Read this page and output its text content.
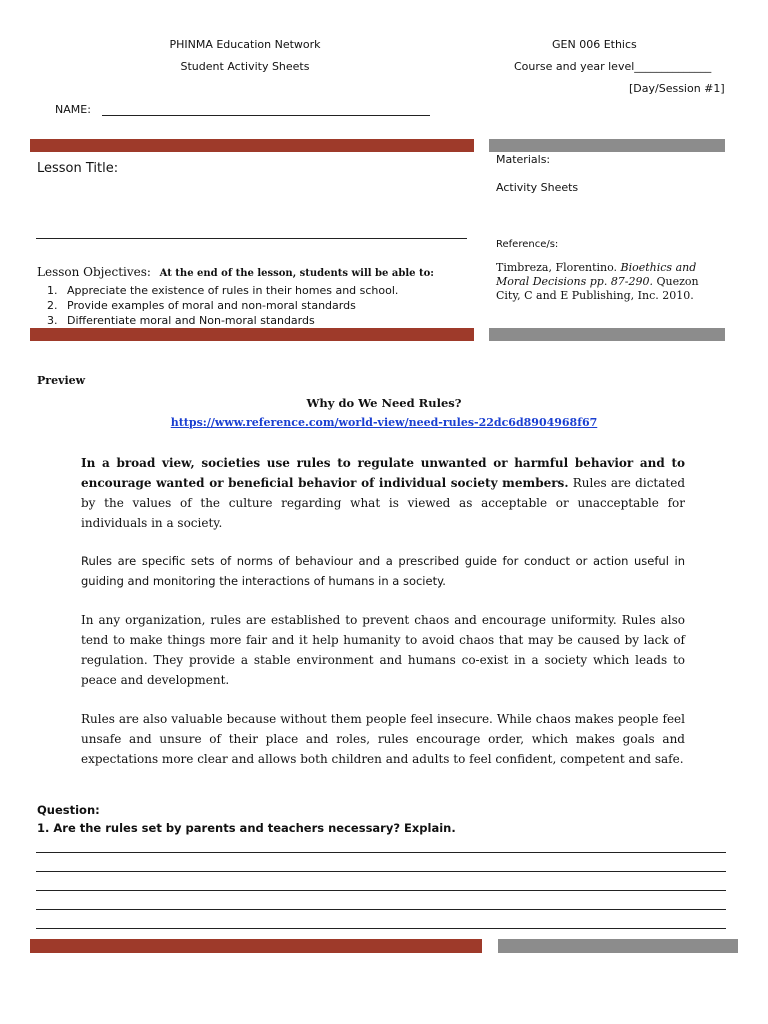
PHINMA Education Network
Student Activity Sheets
GEN 006 Ethics
Course and year level______________
[Day/Session #1]
NAME:
Lesson Title:
Lesson Objectives: At the end of the lesson, students will be able to:
1. Appreciate the existence of rules in their homes and school.
2. Provide examples of moral and non-moral standards
3. Differentiate moral and Non-moral standards
Materials:
Activity Sheets
Reference/s:
Timbreza, Florentino. Bioethics and Moral Decisions pp. 87-290. Quezon City, C and E Publishing, Inc. 2010.
Preview
Why do We Need Rules?
https://www.reference.com/world-view/need-rules-22dc6d8904968f67
In a broad view, societies use rules to regulate unwanted or harmful behavior and to encourage wanted or beneficial behavior of individual society members. Rules are dictated by the values of the culture regarding what is viewed as acceptable or unacceptable for individuals in a society.
Rules are specific sets of norms of behaviour and a prescribed guide for conduct or action useful in guiding and monitoring the interactions of humans in a society.
In any organization, rules are established to prevent chaos and encourage uniformity. Rules also tend to make things more fair and it help humanity to avoid chaos that may be caused by lack of regulation. They provide a stable environment and humans co-exist in a society which leads to peace and development.
Rules are also valuable because without them people feel insecure. While chaos makes people feel unsafe and unsure of their place and roles, rules encourage order, which makes goals and expectations more clear and allows both children and adults to feel confident, competent and safe.
Question:
1. Are the rules set by parents and teachers necessary? Explain.
